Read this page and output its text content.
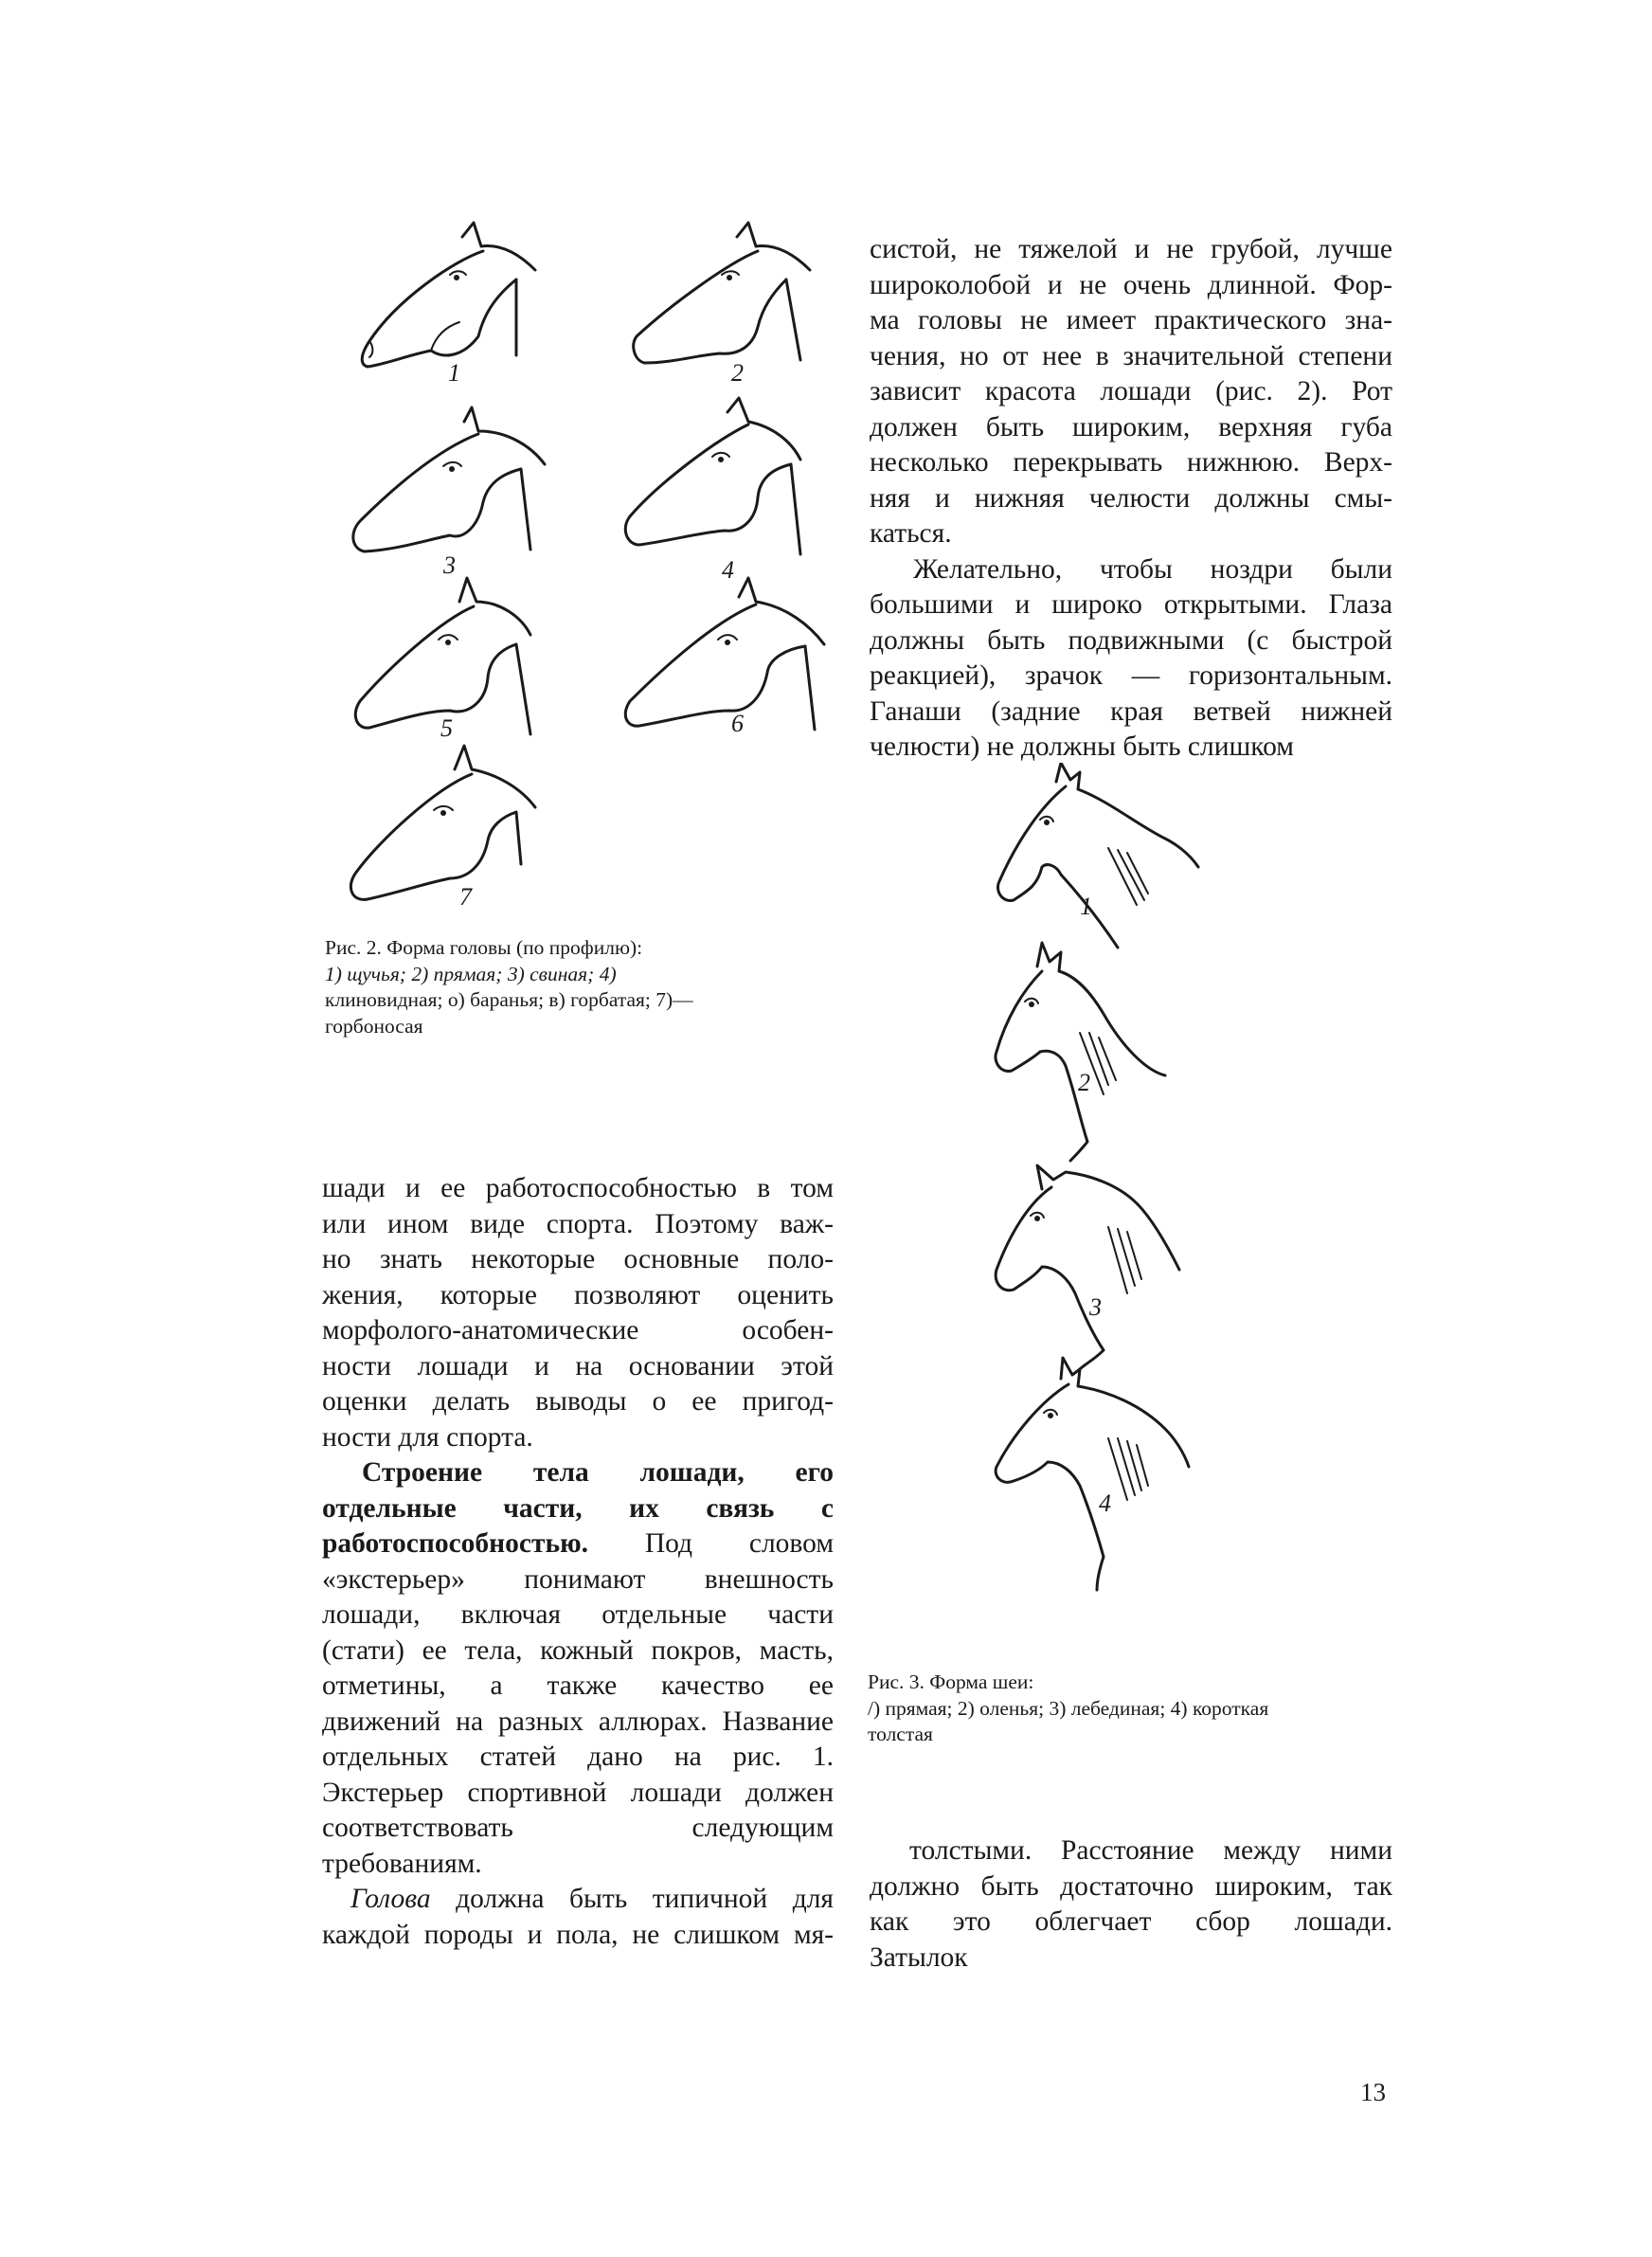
1	2
3	4
5	6
7
Рис. 2. Форма головы (по профилю):
1) щучья; 2) прямая; 3) свиная; 4)
клиновидная; о) баранья; в) горбатая; 7)—
горбоносая
систой, не тяжелой и не грубой, лучше
широколобой и не очень длинной. Фор-
ма головы не имеет практического зна-
чения, но от нее в значительной степени
зависит красота лошади (рис. 2). Рот
должен быть широким, верхняя губа
несколько перекрывать нижнюю. Верх-
няя и нижняя челюсти должны смы-
каться.
Желательно, чтобы ноздри были
большими и широко открытыми. Глаза
должны быть подвижными (с быстрой
реакцией), зрачок — горизонтальным.
Ганаши (задние края ветвей нижней
челюсти) не должны быть слишком
1
2
3
4
Рис. 3. Форма шеи:
/) прямая; 2) оленья; 3) лебединая; 4) короткая
толстая
шади и ее работоспособностью в том
или ином виде спорта. Поэтому важ-
но знать некоторые основные поло-
жения, которые позволяют оценить
морфолого-анатомические особен-
ности лошади и на основании этой
оценки делать выводы о ее пригод-
ности для спорта.
Строение тела лошади, его
отдельные части, их связь с
работоспособностью. Под словом
«экстерьер» понимают внешность
лошади, включая отдельные части
(стати) ее тела, кожный покров, масть,
отметины, а также качество ее
движений на разных аллюрах. Название
отдельных статей дано на рис. 1.
Экстерьер спортивной лошади должен
соответствовать следующим
требованиям.
Голова должна быть типичной для
каждой породы и пола, не слишком мя-
толстыми. Расстояние между ними
должно быть достаточно широким, так
как это облегчает сбор лошади.
Затылок
13
